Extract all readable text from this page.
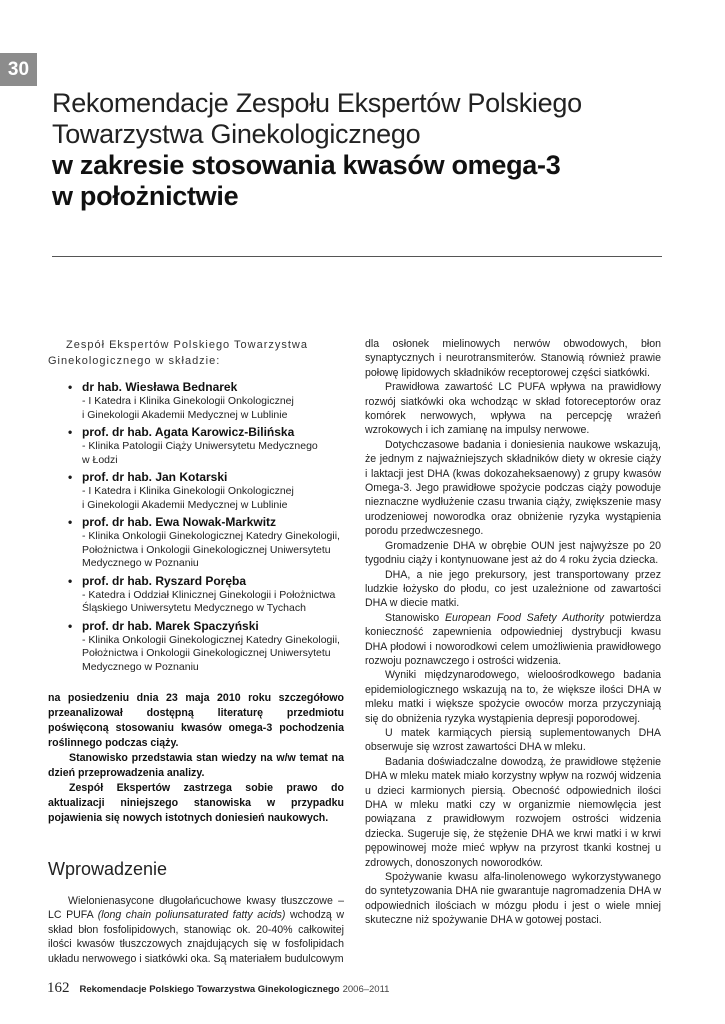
30
Rekomendacje Zespołu Ekspertów Polskiego
Towarzystwa Ginekologicznego
w zakresie stosowania kwasów omega-3
w położnictwie

Zespół Ekspertów Polskiego Towarzystwa Ginekologicznego w składzie:

• dr hab. Wiesława Bednarek
- I Katedra i Klinika Ginekologii Onkologicznej
i Ginekologii Akademii Medycznej w Lublinie
• prof. dr hab. Agata Karowicz-Bilińska
- Klinika Patologii Ciąży Uniwersytetu Medycznego
w Łodzi
• prof. dr hab. Jan Kotarski
- I Katedra i Klinika Ginekologii Onkologicznej
i Ginekologii Akademii Medycznej w Lublinie
• prof. dr hab. Ewa Nowak-Markwitz
- Klinika Onkologii Ginekologicznej Katedry Ginekologii,
Położnictwa i Onkologii Ginekologicznej Uniwersytetu
Medycznego w Poznaniu
• prof. dr hab. Ryszard Poręba
- Katedra i Oddział Klinicznej Ginekologii i Położnictwa
Śląskiego Uniwersytetu Medycznego w Tychach
• prof. dr hab. Marek Spaczyński
- Klinika Onkologii Ginekologicznej Katedry Ginekologii,
Położnictwa i Onkologii Ginekologicznej Uniwersytetu
Medycznego w Poznaniu

na posiedzeniu dnia 23 maja 2010 roku szczegółowo przeanalizował dostępną literaturę przedmiotu poświęconą stosowaniu kwasów omega-3 pochodzenia roślinnego podczas ciąży.

Stanowisko przedstawia stan wiedzy na w/w temat na dzień przeprowadzenia analizy.

Zespół Ekspertów zastrzega sobie prawo do aktualizacji niniejszego stanowiska w przypadku pojawienia się nowych istotnych doniesień naukowych.

Wprowadzenie

Wielonienasycone długołańcuchowe kwasy tłuszczowe – LC PUFA (long chain poliunsaturated fatty acids) wchodzą w skład błon fosfolipidowych, stanowiąc ok. 20-40% całkowitej ilości kwasów tłuszczowych znajdujących się w fosfolipidach układu nerwowego i siatkówki oka. Są materiałem budulcowym

dla osłonek mielinowych nerwów obwodowych, błon synaptycznych i neurotransmiterów. Stanowią również prawie połowę lipidowych składników receptorowej części siatkówki.

Prawidłowa zawartość LC PUFA wpływa na prawidłowy rozwój siatkówki oka wchodząc w skład fotoreceptorów oraz komórek nerwowych, wpływa na percepcję wrażeń wzrokowych i ich zamianę na impulsy nerwowe.

Dotychczasowe badania i doniesienia naukowe wskazują, że jednym z najważniejszych składników diety w okresie ciąży i laktacji jest DHA (kwas dokozaheksaenowy) z grupy kwasów Omega-3. Jego prawidłowe spożycie podczas ciąży powoduje nieznaczne wydłużenie czasu trwania ciąży, zwiększenie masy urodzeniowej noworodka oraz obniżenie ryzyka wystąpienia porodu przedwczesnego.

Gromadzenie DHA w obrębie OUN jest najwyższe po 20 tygodniu ciąży i kontynuowane jest aż do 4 roku życia dziecka.

DHA, a nie jego prekursory, jest transportowany przez ludzkie łożysko do płodu, co jest uzależnione od zawartości DHA w diecie matki.

Stanowisko European Food Safety Authority potwierdza konieczność zapewnienia odpowiedniej dystrybucji kwasu DHA płodowi i noworodkowi celem umożliwienia prawidłowego rozwoju poznawczego i ostrości widzenia.

Wyniki międzynarodowego, wieloośrodkowego badania epidemiologicznego wskazują na to, że większe ilości DHA w mleku matki i większe spożycie owoców morza przyczyniają się do obniżenia ryzyka wystąpienia depresji poporodowej.

U matek karmiących piersią suplementowanych DHA obserwuje się wzrost zawartości DHA w mleku.

Badania doświadczalne dowodzą, że prawidłowe stężenie DHA w mleku matek miało korzystny wpływ na rozwój widzenia u dzieci karmionych piersią. Obecność odpowiednich ilości DHA w mleku matki czy w organizmie niemowlęcia jest powiązana z prawidłowym rozwojem ostrości widzenia dziecka. Sugeruje się, że stężenie DHA we krwi matki i w krwi pępowinowej może mieć wpływ na przyrost tkanki kostnej u zdrowych, donoszonych noworodków.

Spożywanie kwasu alfa-linolenowego wykorzystywanego do syntetyzowania DHA nie gwarantuje nagromadzenia DHA w odpowiednich ilościach w mózgu płodu i jest o wiele mniej skuteczne niż spożywanie DHA w gotowej postaci.

162 Rekomendacje Polskiego Towarzystwa Ginekologicznego 2006–2011
